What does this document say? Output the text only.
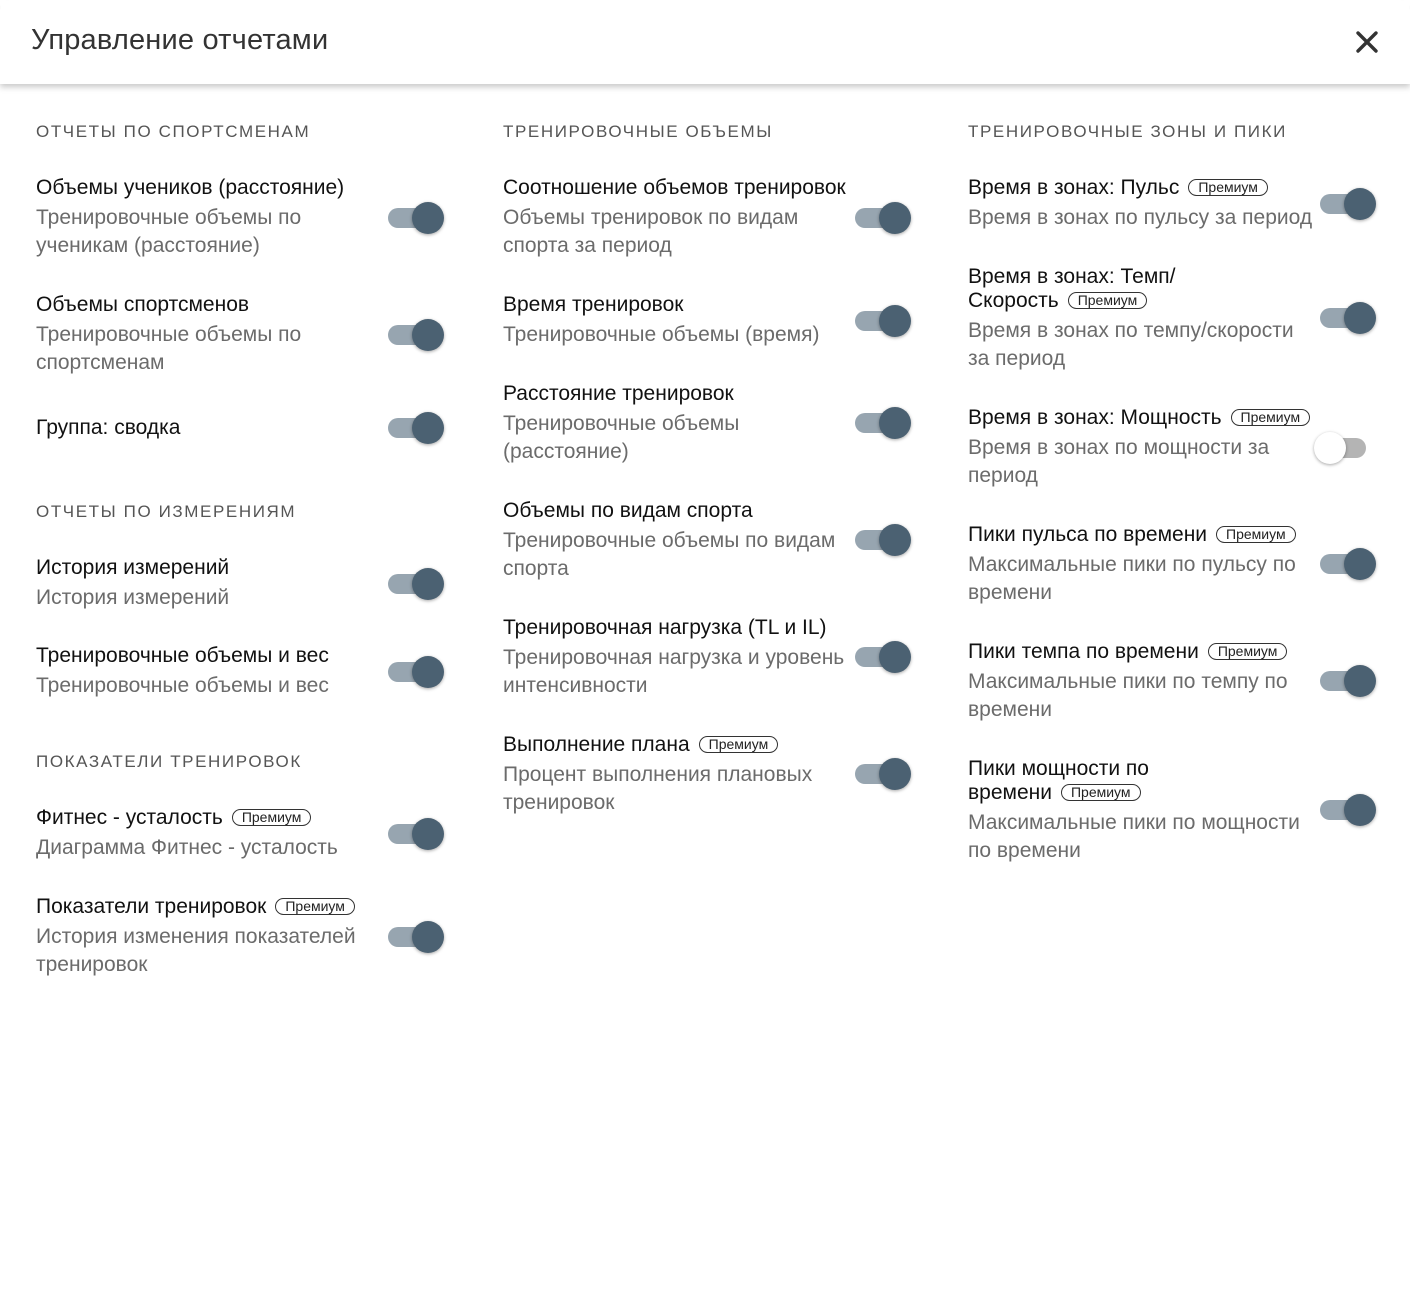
Управление отчетами
ОТЧЕТЫ ПО СПОРТСМЕНАМ
Объемы учеников (расстояние)
Тренировочные объемы по ученикам (расстояние)
Объемы спортсменов
Тренировочные объемы по спортсменам
Группа: сводка
ОТЧЕТЫ ПО ИЗМЕРЕНИЯМ
История измерений
История измерений
Тренировочные объемы и вес
Тренировочные объемы и вес
ПОКАЗАТЕЛИ ТРЕНИРОВОК
Фитнес - усталость Премиум
Диаграмма Фитнес - усталость
Показатели тренировок Премиум
История изменения показателей тренировок
ТРЕНИРОВОЧНЫЕ ОБЪЕМЫ
Соотношение объемов тренировок
Объемы тренировок по видам спорта за период
Время тренировок
Тренировочные объемы (время)
Расстояние тренировок
Тренировочные объемы (расстояние)
Объемы по видам спорта
Тренировочные объемы по видам спорта
Тренировочная нагрузка (TL и IL)
Тренировочная нагрузка и уровень интенсивности
Выполнение плана Премиум
Процент выполнения плановых тренировок
ТРЕНИРОВОЧНЫЕ ЗОНЫ И ПИКИ
Время в зонах: Пульс Премиум
Время в зонах по пульсу за период
Время в зонах: Темп/ Скорость Премиум
Время в зонах по темпу/скорости за период
Время в зонах: Мощность Премиум
Время в зонах по мощности за период
Пики пульса по времени Премиум
Максимальные пики по пульсу по времени
Пики темпа по времени Премиум
Максимальные пики по темпу по времени
Пики мощности по времени Премиум
Максимальные пики по мощности по времени
